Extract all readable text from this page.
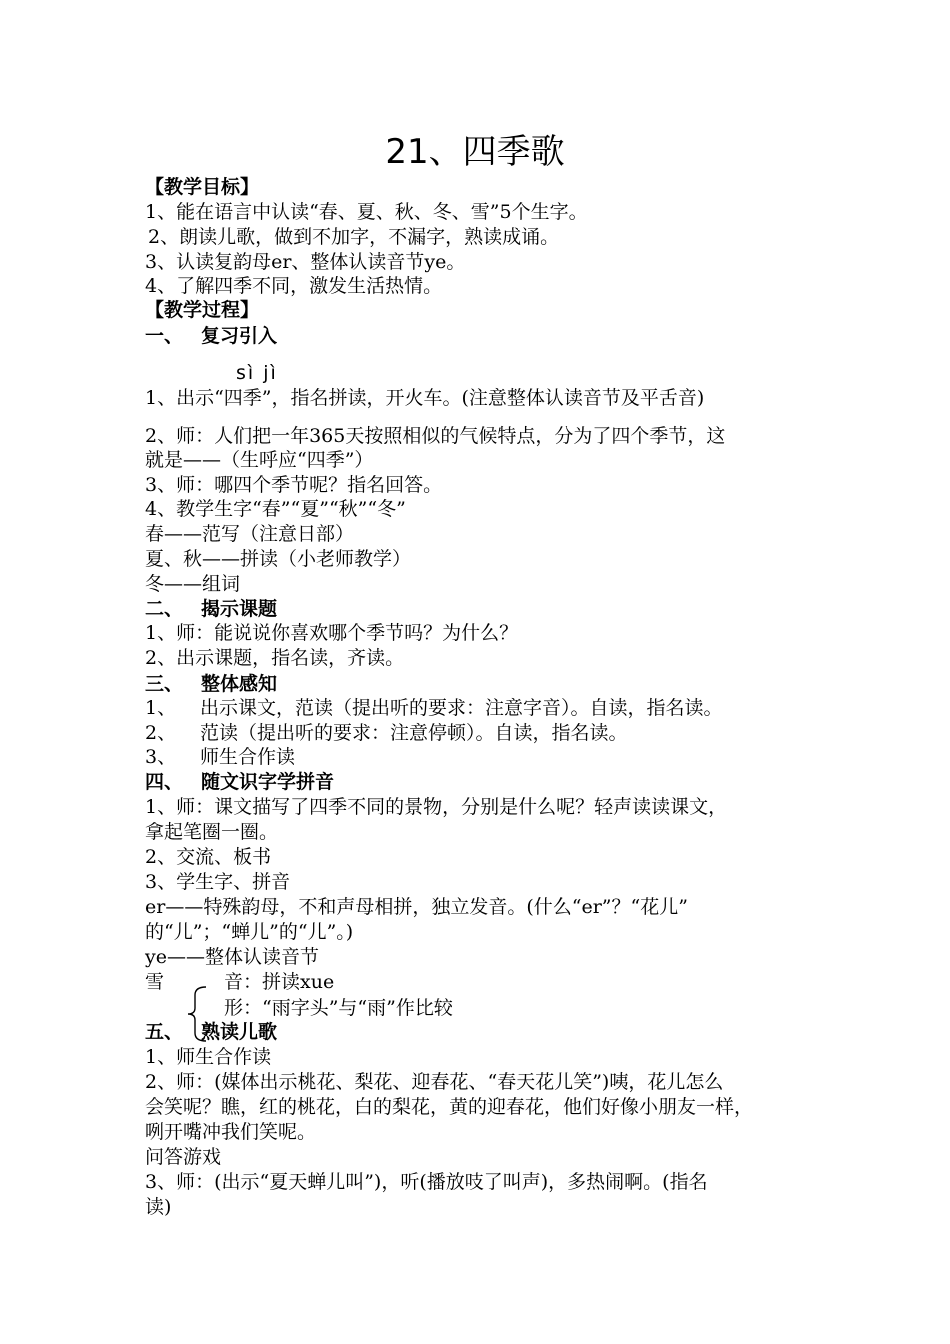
21、四季歌
【教学目标】
1、能在语言中认读“春、夏、秋、冬、雪”5个生字。
2、朗读儿歌，做到不加字，不漏字，熟读成诵。
3、认读复韵母er、整体认读音节ye。
4、了解四季不同，激发生活热情。
【教学过程】
一、 复习引入
sì jì
1、出示“四季”，指名拼读，开火车。(注意整体认读音节及平舌音)
2、师：人们把一年365天按照相似的气候特点，分为了四个季节，这
就是——（生呼应“四季”）
3、师：哪四个季节呢？指名回答。
4、教学生字“春”“夏”“秋”“冬”
春——范写（注意日部）
夏、秋——拼读（小老师教学）
冬——组词
二、 揭示课题
1、师：能说说你喜欢哪个季节吗？为什么？
2、出示课题，指名读，齐读。
三、 整体感知
1、 出示课文，范读（提出听的要求：注意字音）。自读，指名读。
2、 范读（提出听的要求：注意停顿）。自读，指名读。
3、 师生合作读
四、 随文识字学拼音
1、师：课文描写了四季不同的景物，分别是什么呢？轻声读读课文，
拿起笔圈一圈。
2、交流、板书
3、学生字、拼音
er——特殊韵母，不和声母相拼，独立发音。(什么“er”？“花儿”
的“儿”；“蝉儿”的“儿”。)
ye——整体认读音节
雪	音：拼读xue
形：“雨字头”与“雨”作比较
五、 熟读儿歌
1、师生合作读
2、师：(媒体出示桃花、梨花、迎春花、“春天花儿笑”)咦，花儿怎么
会笑呢？瞧，红的桃花，白的梨花，黄的迎春花，他们好像小朋友一样，
咧开嘴冲我们笑呢。
问答游戏
3、师：(出示“夏天蝉儿叫”)，听(播放吱了叫声)，多热闹啊。(指名
读)
